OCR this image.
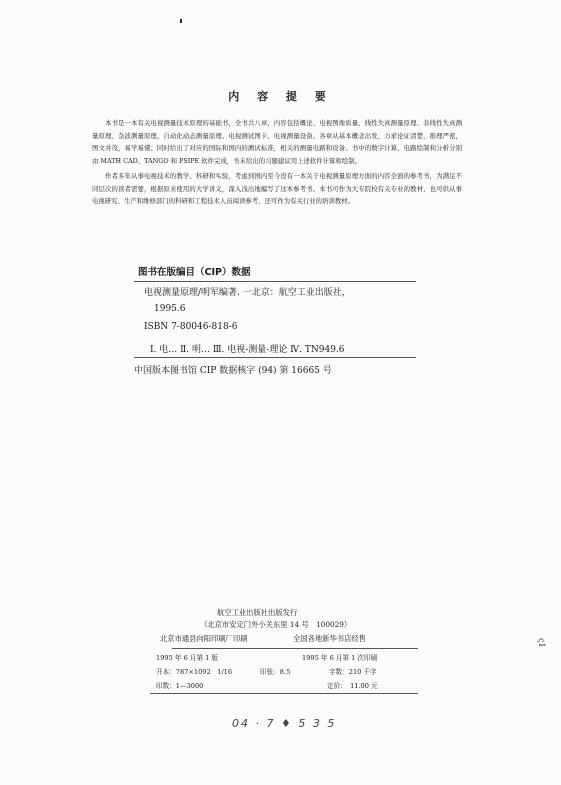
内 容 提 要

本书是一本有关电视测量技术原理的基础书，全书共八章，内容包括概论、电视图像质量、线性失真测量原理、非线性失真测量原理、杂波测量原理、自动化动态测量原理、电视测试图卡、电视测量设备。各章从基本概念出发，力求论证清楚，推理严密，图文并茂，易学易懂；同时给出了对应的国际和国内的测试标准，相关的测量电路和设备。书中的数字计算、电路绘制和分析分别由 MATH CAD、TANGO 和 PSIPE 软件完成，书末给出的习题建议用上述软件计算和绘制。

作者多年从事电视技术的教学、科研和实验，考虑到国内至今没有一本关于电视测量原理方面的内容全面的参考书，为满足不同层次的读者需要，根据原来使用的大学讲义，深入浅出地编写了这本参考书。本书可作为大专院校有关专业的教材，也可供从事电视研究、生产和维修部门的科研和工程技术人员阅读参考，还可作为有关行业的培训教材。

图书在版编目（CIP）数据
电视测量原理/明军编著. 一北京：航空工业出版社，
1995.6
ISBN 7-80046-818-6
Ⅰ. 电… Ⅱ. 明… Ⅲ. 电视-测量-理论 Ⅳ. TN949.6
中国版本图书馆 CIP 数据核字 (94) 第 16665 号
航空工业出版社出版发行
（北京市安定门外小关东里 14 号　100029）
北京市通县向阳印刷厂印刷	全国各地新华书店经售
1995 年 6 月第 1 版	1995 年 6 月第 1 次印刷
开本：787×1092　1/16	印张：8.5	字数：210 千字
印数：1—3000	定价：　11.00 元
ς1
04 · 7 ♦ 5 3 5
